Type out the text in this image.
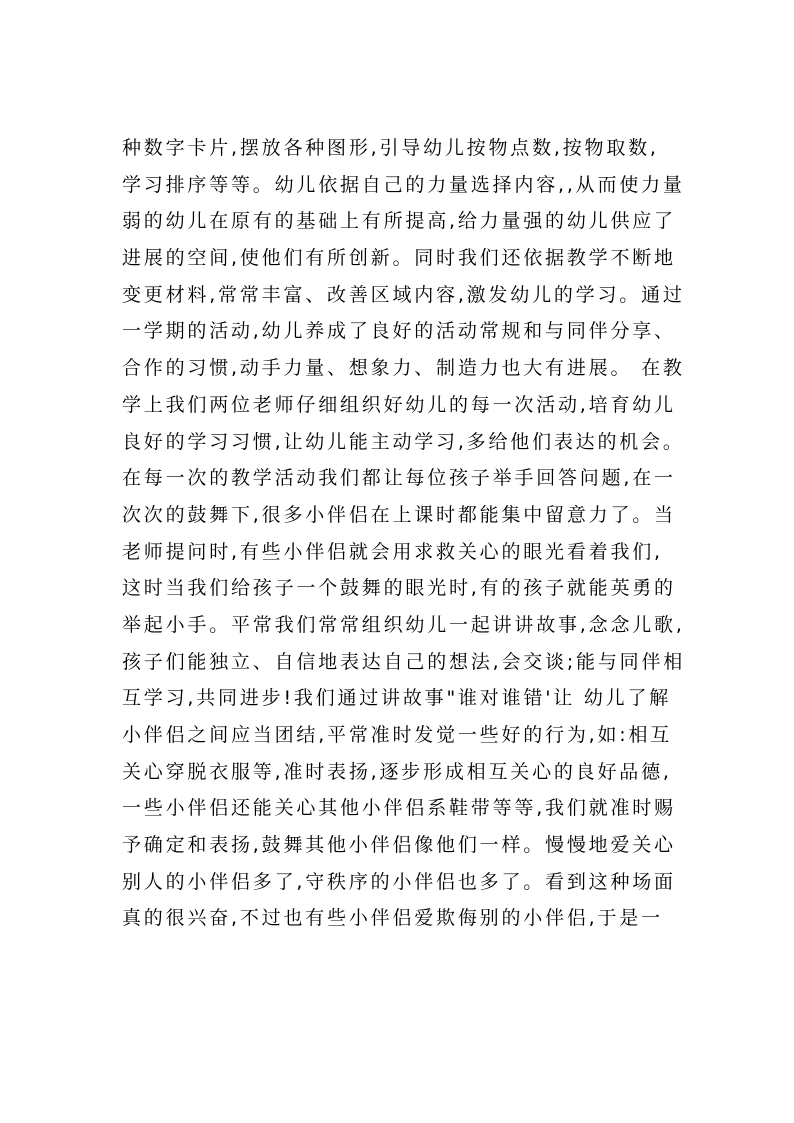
种数字卡片,摆放各种图形,引导幼儿按物点数,按物取数,
学习排序等等。幼儿依据自己的力量选择内容,,从而使力量
弱的幼儿在原有的基础上有所提高,给力量强的幼儿供应了
进展的空间,使他们有所创新。同时我们还依据教学不断地
变更材料,常常丰富、改善区域内容,激发幼儿的学习。通过
一学期的活动,幼儿养成了良好的活动常规和与同伴分享、
合作的习惯,动手力量、想象力、制造力也大有进展。 在教
学上我们两位老师仔细组织好幼儿的每一次活动,培育幼儿
良好的学习习惯,让幼儿能主动学习,多给他们表达的机会。
在每一次的教学活动我们都让每位孩子举手回答问题,在一
次次的鼓舞下,很多小伴侣在上课时都能集中留意力了。当
老师提问时,有些小伴侣就会用求救关心的眼光看着我们,
这时当我们给孩子一个鼓舞的眼光时,有的孩子就能英勇的
举起小手。平常我们常常组织幼儿一起讲讲故事,念念儿歌,
孩子们能独立、自信地表达自己的想法,会交谈;能与同伴相
互学习,共同进步!我们通过讲故事"谁对谁错'让 幼儿了解
小伴侣之间应当团结,平常准时发觉一些好的行为,如:相互
关心穿脱衣服等,准时表扬,逐步形成相互关心的良好品德,
一些小伴侣还能关心其他小伴侣系鞋带等等,我们就准时赐
予确定和表扬,鼓舞其他小伴侣像他们一样。慢慢地爱关心
别人的小伴侣多了,守秩序的小伴侣也多了。看到这种场面
真的很兴奋,不过也有些小伴侣爱欺侮别的小伴侣,于是一
